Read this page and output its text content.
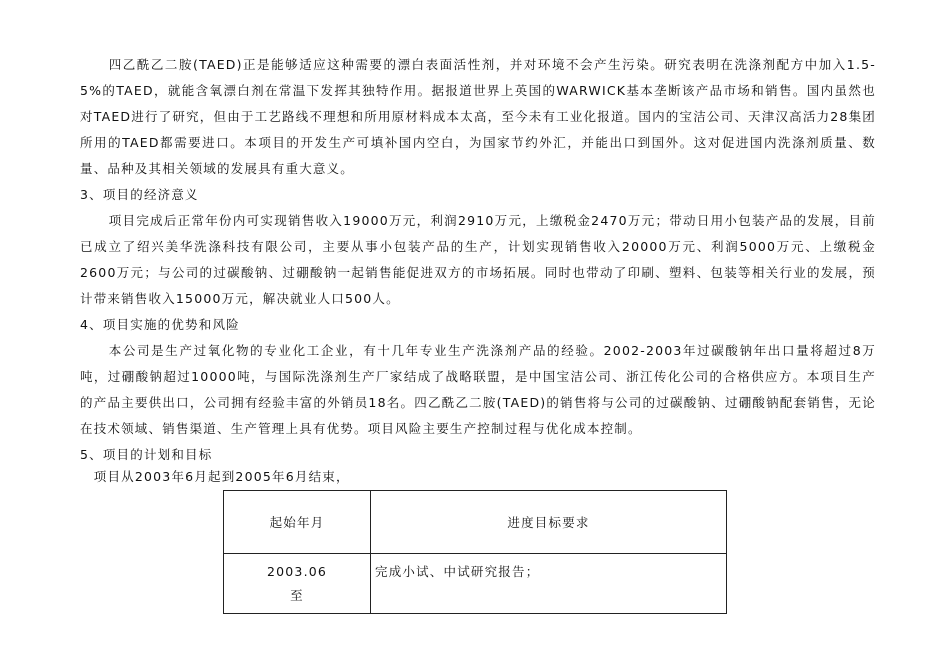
四乙酰乙二胺(TAED)正是能够适应这种需要的漂白表面活性剂，并对环境不会产生污染。研究表明在洗涤剂配方中加入1.5-5%的TAED，就能含氧漂白剂在常温下发挥其独特作用。据报道世界上英国的WARWICK基本垄断该产品市场和销售。国内虽然也对TAED进行了研究，但由于工艺路线不理想和所用原材料成本太高，至今未有工业化报道。国内的宝洁公司、天津汉高活力28集团所用的TAED都需要进口。本项目的开发生产可填补国内空白，为国家节约外汇，并能出口到国外。这对促进国内洗涤剂质量、数量、品种及其相关领域的发展具有重大意义。

3、项目的经济意义

项目完成后正常年份内可实现销售收入19000万元，利润2910万元，上缴税金2470万元；带动日用小包装产品的发展，目前已成立了绍兴美华洗涤科技有限公司，主要从事小包装产品的生产，计划实现销售收入20000万元、利润5000万元、上缴税金2600万元；与公司的过碳酸钠、过硼酸钠一起销售能促进双方的市场拓展。同时也带动了印刷、塑料、包装等相关行业的发展，预计带来销售收入15000万元，解决就业人口500人。

4、项目实施的优势和风险

本公司是生产过氧化物的专业化工企业，有十几年专业生产洗涤剂产品的经验。2002-2003年过碳酸钠年出口量将超过8万吨，过硼酸钠超过10000吨，与国际洗涤剂生产厂家结成了战略联盟，是中国宝洁公司、浙江传化公司的合格供应方。本项目生产的产品主要供出口，公司拥有经验丰富的外销员18名。四乙酰乙二胺(TAED)的销售将与公司的过碳酸钠、过硼酸钠配套销售，无论在技术领域、销售渠道、生产管理上具有优势。项目风险主要生产控制过程与优化成本控制。

5、项目的计划和目标

项目从2003年6月起到2005年6月结束，

起始年月	进度目标要求

2003.06
至	完成小试、中试研究报告；
